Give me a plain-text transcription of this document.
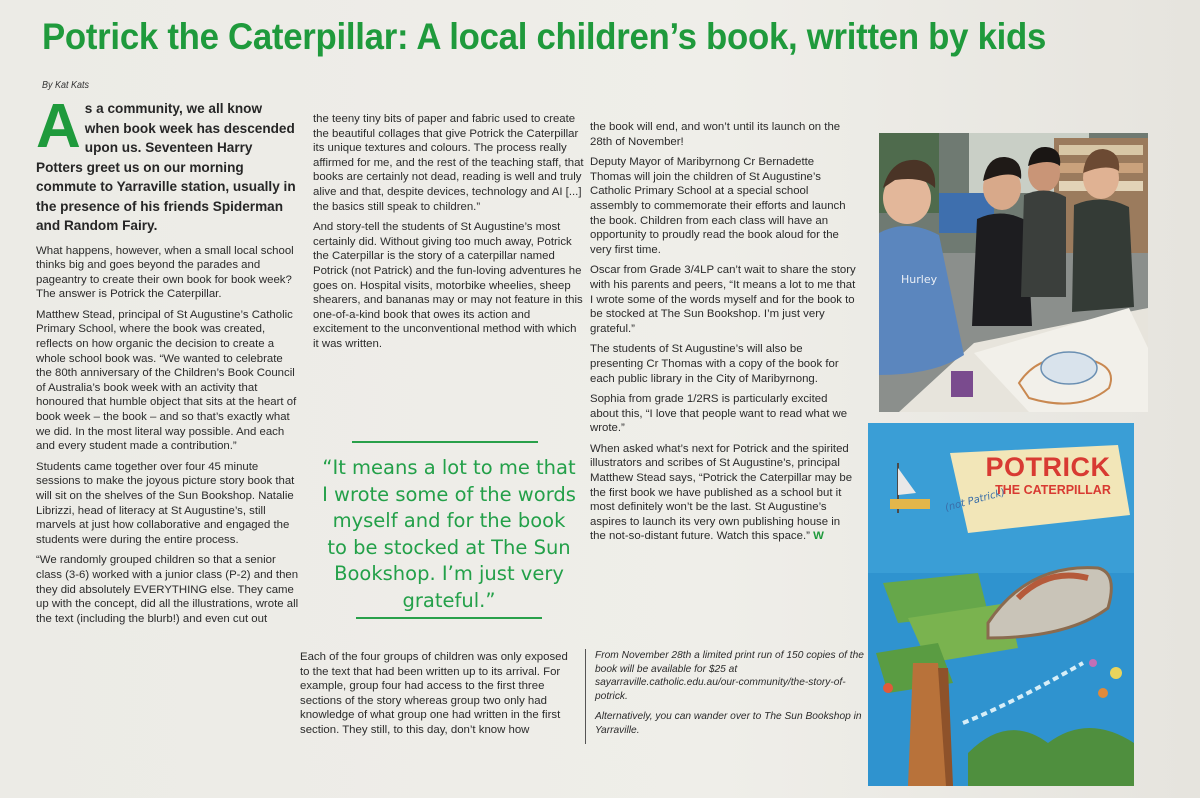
Potrick the Caterpillar: A local children’s book, written by kids
By Kat Kats

As a community, we all know when book week has descended upon us. Seventeen Harry Potters greet us on our morning commute to Yarraville station, usually in the presence of his friends Spiderman and Random Fairy.

What happens, however, when a small local school thinks big and goes beyond the parades and pageantry to create their own book for book week? The answer is Potrick the Caterpillar.

Matthew Stead, principal of St Augustine’s Catholic Primary School, where the book was created, reflects on how organic the decision to create a whole school book was. “We wanted to celebrate the 80th anniversary of the Children’s Book Council of Australia’s book week with an activity that honoured that humble object that sits at the heart of book week – the book – and so that’s exactly what we did. In the most literal way possible. And each and every student made a contribution.”

Students came together over four 45 minute sessions to make the joyous picture story book that will sit on the shelves of the Sun Bookshop. Natalie Librizzi, head of literacy at St Augustine’s, still marvels at just how collaborative and engaged the students were during the entire process.

“We randomly grouped children so that a senior class (3-6) worked with a junior class (P-2) and then they did absolutely EVERYTHING else. They came up with the concept, did all the illustrations, wrote all the text (including the blurb!) and even cut out

the teeny tiny bits of paper and fabric used to create the beautiful collages that give Potrick the Caterpillar its unique textures and colours. The process really affirmed for me, and the rest of the teaching staff, that books are certainly not dead, reading is well and truly alive and that, despite devices, technology and AI [...] the basics still speak to children.”

And story-tell the students of St Augustine’s most certainly did. Without giving too much away, Potrick the Caterpillar is the story of a caterpillar named Potrick (not Patrick) and the fun-loving adventures he goes on. Hospital visits, motorbike wheelies, sheep shearers, and bananas may or may not feature in this one-of-a-kind book that owes its action and excitement to the unconventional method with which it was written.

“It means a lot to me that I wrote some of the words myself and for the book to be stocked at The Sun Bookshop. I’m just very grateful.”

Each of the four groups of children was only exposed to the text that had been written up to its arrival. For example, group four had access to the first three sections of the story whereas group two only had knowledge of what group one had written in the first section. They still, to this day, don’t know how

the book will end, and won’t until its launch on the 28th of November!

Deputy Mayor of Maribyrnong Cr Bernadette Thomas will join the children of St Augustine’s Catholic Primary School at a special school assembly to commemorate their efforts and launch the book. Children from each class will have an opportunity to proudly read the book aloud for the very first time.

Oscar from Grade 3/4LP can’t wait to share the story with his parents and peers, “It means a lot to me that I wrote some of the words myself and for the book to be stocked at The Sun Bookshop. I’m just very grateful.”

The students of St Augustine’s will also be presenting Cr Thomas with a copy of the book for each public library in the City of Maribyrnong.

Sophia from grade 1/2RS is particularly excited about this, “I love that people want to read what we wrote.”

When asked what’s next for Potrick and the spirited illustrators and scribes of St Augustine’s, principal Matthew Stead says, “Potrick the Caterpillar may be the first book we have published as a school but it most definitely won’t be the last. St Augustine’s aspires to launch its very own publishing house in the not-so-distant future. Watch this space.” W

From November 28th a limited print run of 150 copies of the book will be available for $25 at sayarraville.catholic.edu.au/our-community/the-story-of-potrick.

Alternatively, you can wander over to The Sun Bookshop in Yarraville.

Hurley
(not Patrick)
POTRICK
THE CATERPILLAR
